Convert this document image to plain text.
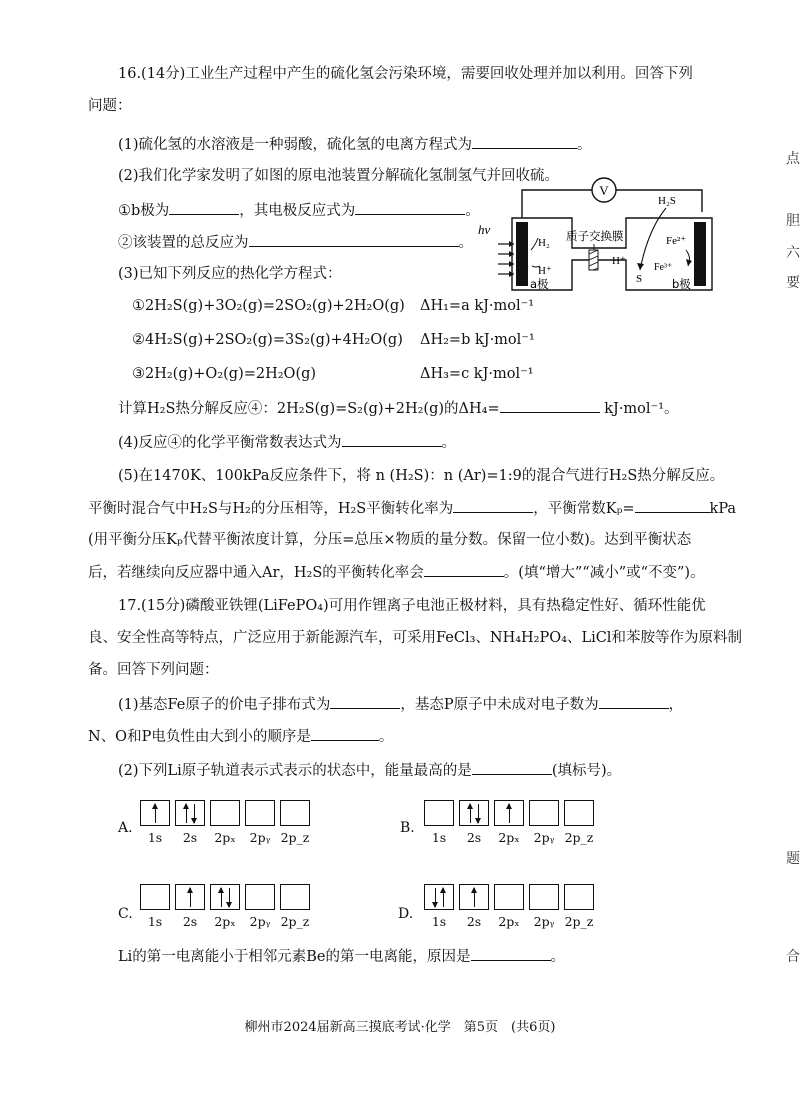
16.(14分)工业生产过程中产生的硫化氢会污染环境，需要回收处理并加以利用。回答下列
问题：
(1)硫化氢的水溶液是一种弱酸，硫化氢的电离方程式为	。
(2)我们化学家发明了如图的原电池装置分解硫化氢制氢气并回收硫。
①b极为	，其电极反应式为	。
②该装置的总反应为	。
(3)已知下列反应的热化学方程式：
①2H₂S(g)+3O₂(g)=2SO₂(g)+2H₂O(g) ΔH₁=a kJ·mol⁻¹
②4H₂S(g)+2SO₂(g)=3S₂(g)+4H₂O(g) ΔH₂=b kJ·mol⁻¹
③2H₂(g)+O₂(g)=2H₂O(g)	ΔH₃=c kJ·mol⁻¹
计算H₂S热分解反应④：2H₂S(g)=S₂(g)+2H₂(g)的ΔH₄=	kJ·mol⁻¹。
(4)反应④的化学平衡常数表达式为	。
(5)在1470K、100kPa反应条件下，将 n (H₂S)：n (Ar)=1:9的混合气进行H₂S热分解反应。
平衡时混合气中H₂S与H₂的分压相等，H₂S平衡转化率为	，平衡常数Kₚ=	kPa
(用平衡分压Kₚ代替平衡浓度计算，分压=总压×物质的量分数。保留一位小数)。达到平衡状态
后，若继续向反应器中通入Ar，H₂S的平衡转化率会	。(填“增大”“减小”或“不变”)。
V
质子交换膜
hν
H₂
H⁺
a极
H₂S
H⁺
Fe²⁺
Fe³⁺
S	b极
17.(15分)磷酸亚铁锂(LiFePO₄)可用作锂离子电池正极材料，具有热稳定性好、循环性能优
良、安全性高等特点，广泛应用于新能源汽车，可采用FeCl₃、NH₄H₂PO₄、LiCl和苯胺等作为原料制
备。回答下列问题：
(1)基态Fe原子的价电子排布式为	，基态P原子中未成对电子数为	，
N、O和P电负性由大到小的顺序是	。
(2)下列Li原子轨道表示式表示的状态中，能量最高的是	(填标号)。
A.
1s	2s	2pₓ	2pᵧ 2p_z
B.
1s	2s	2pₓ	2pᵧ 2p_z
C.	1s	2s	2pₓ	2pᵧ 2p_z	D.	1s	2s	2pₓ	2pᵧ 2p_z
Li的第一电离能小于相邻元素Be的第一电离能，原因是	。
柳州市2024届新高三摸底考试·化学　第5页　(共6页)
点
胆
六
要
题
合
